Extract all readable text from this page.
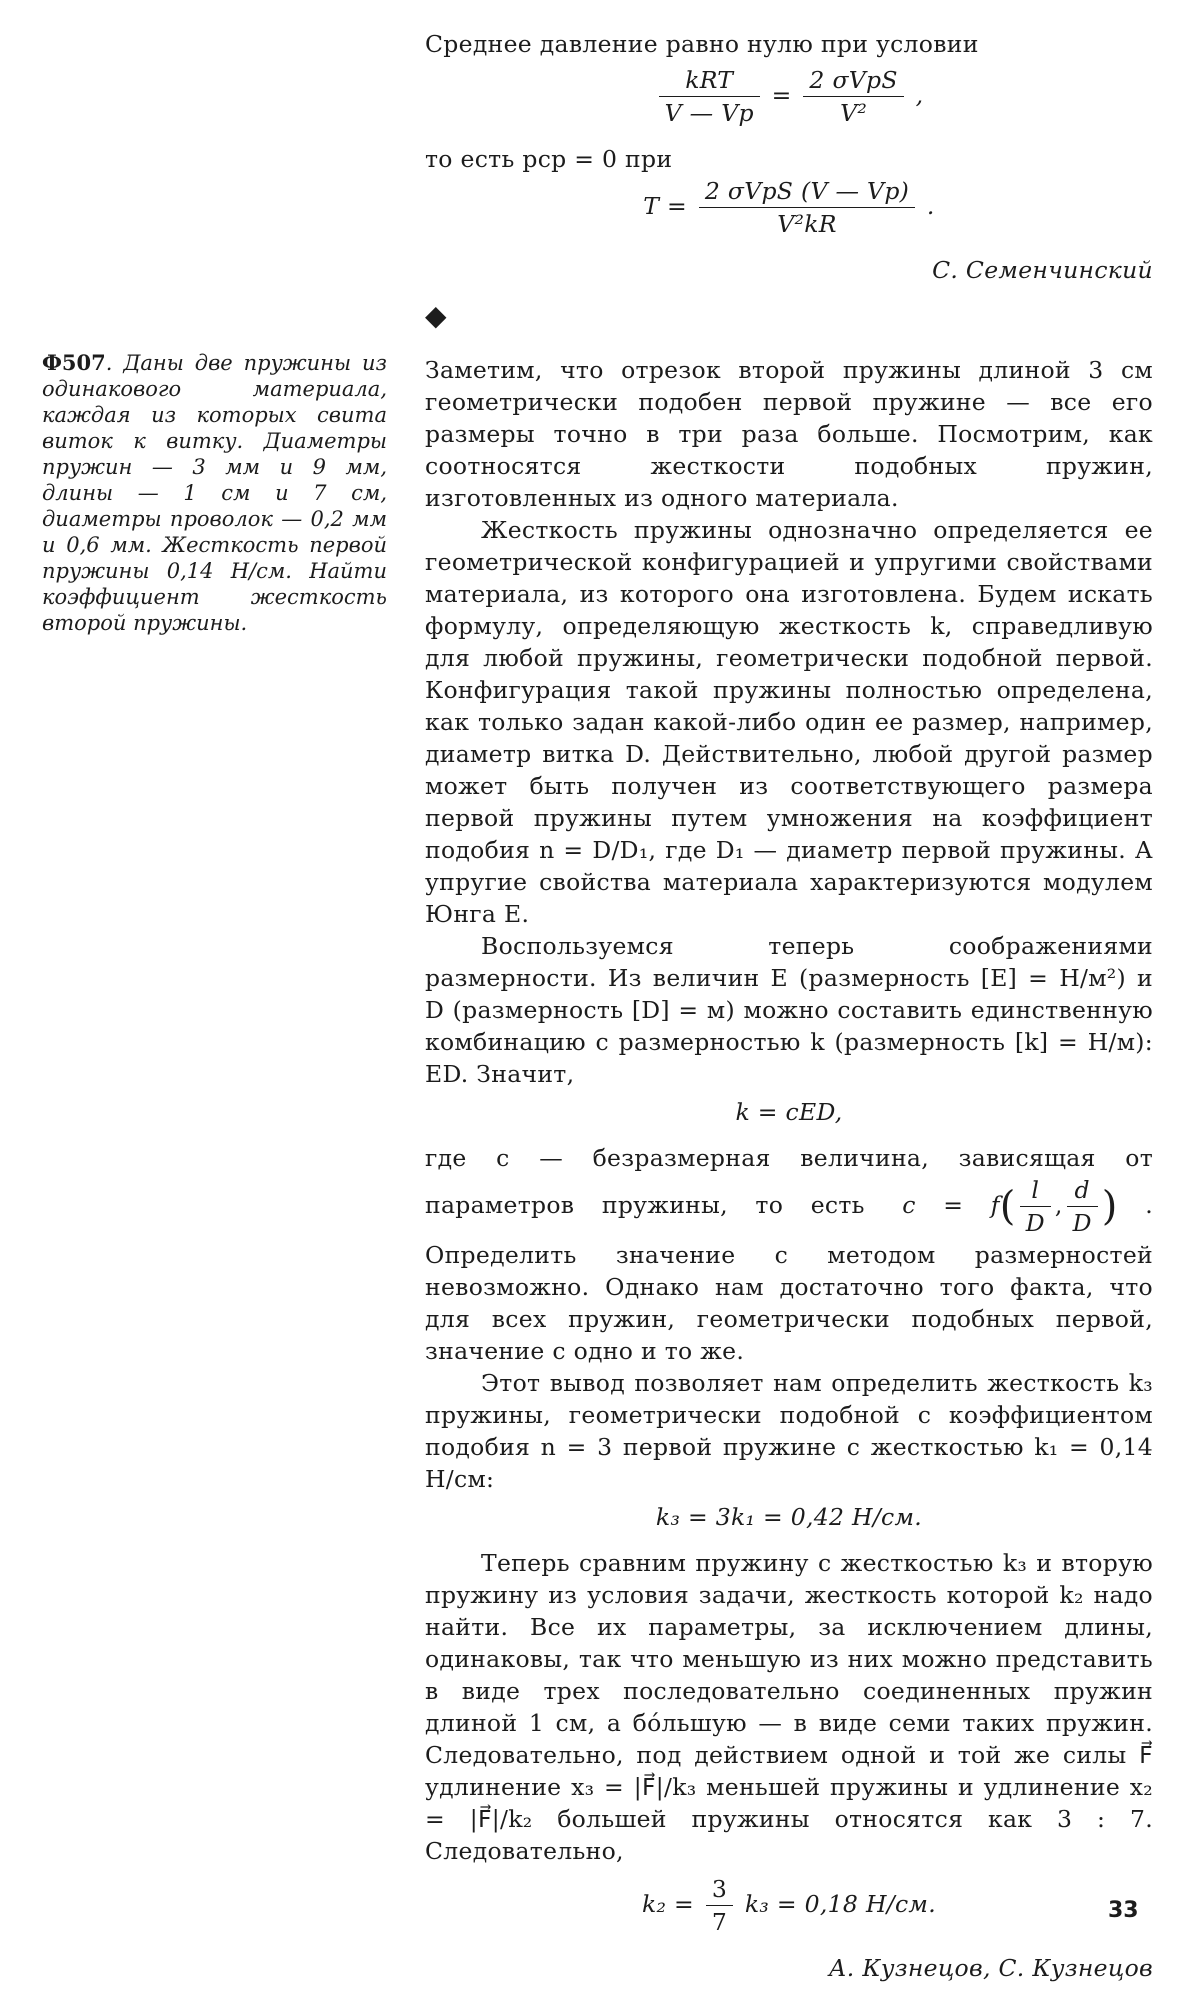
Среднее давление равно нулю при условии

$\frac{\text{kRT}}{V — Vр} = \frac{\text{2 σVрS}}{\text{V²}}$ ,

то есть pср = 0 при

$T = \frac{\text{2 σVрS (V — Vр)}}{\text{V²kR}}$ .
С. Семенчинский
◆

Заметим, что отрезок второй пружины длиной 3 см геометрически подобен первой пружине — все его размеры точно в три раза больше. Посмотрим, как соотносятся жесткости подобных пружин, изготовленных из одного материала.

Жесткость пружины однозначно определяется ее геометрической конфигурацией и упругими свойствами материала, из которого она изготовлена. Будем искать формулу, определяющую жесткость k, справедливую для любой пружины, геометрически подобной первой. Конфигурация такой пружины полностью определена, как только задан какой-либо один ее размер, например, диаметр витка D. Действительно, любой другой размер может быть получен из соответствующего размера первой пружины путем умножения на коэффициент подобия n = D/D₁, где D₁ — диаметр первой пружины. А упругие свойства материала характеризуются модулем Юнга E.

Воспользуемся теперь соображениями размерности. Из величин E (размерность [E] = Н/м²) и D (размерность [D] = м) можно составить единственную комбинацию с размерностью k (размерность [k] = Н/м): ED. Значит,

k = cED,

где c — безразмерная величина, зависящая от параметров пружины, то есть $c = f( \frac{l}{D}$ , $\frac{d}{D}$ ) . Определить значение c методом размерностей невозможно. Однако нам достаточно того факта, что для всех пружин, геометрически подобных первой, значение c одно и то же.

Этот вывод позволяет нам определить жесткость k₃ пружины, геометрически подобной с коэффициентом подобия n = 3 первой пружине с жесткостью k₁ = 0,14 Н/см:

k₃ = 3k₁ = 0,42 Н/см.

Теперь сравним пружину с жесткостью k₃ и вторую пружину из условия задачи, жесткость которой k₂ надо найти. Все их параметры, за исключением длины, одинаковы, так что меньшую из них можно представить в виде трех последовательно соединенных пружин длиной 1 см, а бо́льшую — в виде семи таких пружин. Следовательно, под действием одной и той же силы F⃗ удлинение x₃ = |F⃗|/k₃ меньшей пружины и удлинение x₂ = |F⃗|/k₂ большей пружины относятся как 3 : 7. Следовательно,

$k_2 = \frac{3}{7} k_3 = 0,18$ Н/см.
А. Кузнецов, С. Кузнецов
Ф507. Даны две пружины из одинакового материала, каждая из которых свита виток к витку. Диаметры пружин — 3 мм и 9 мм, длины — 1 см и 7 см, диаметры проволок — 0,2 мм и 0,6 мм. Жесткость первой пружины 0,14 Н/см. Найти коэффициент жесткость второй пружины.
33
